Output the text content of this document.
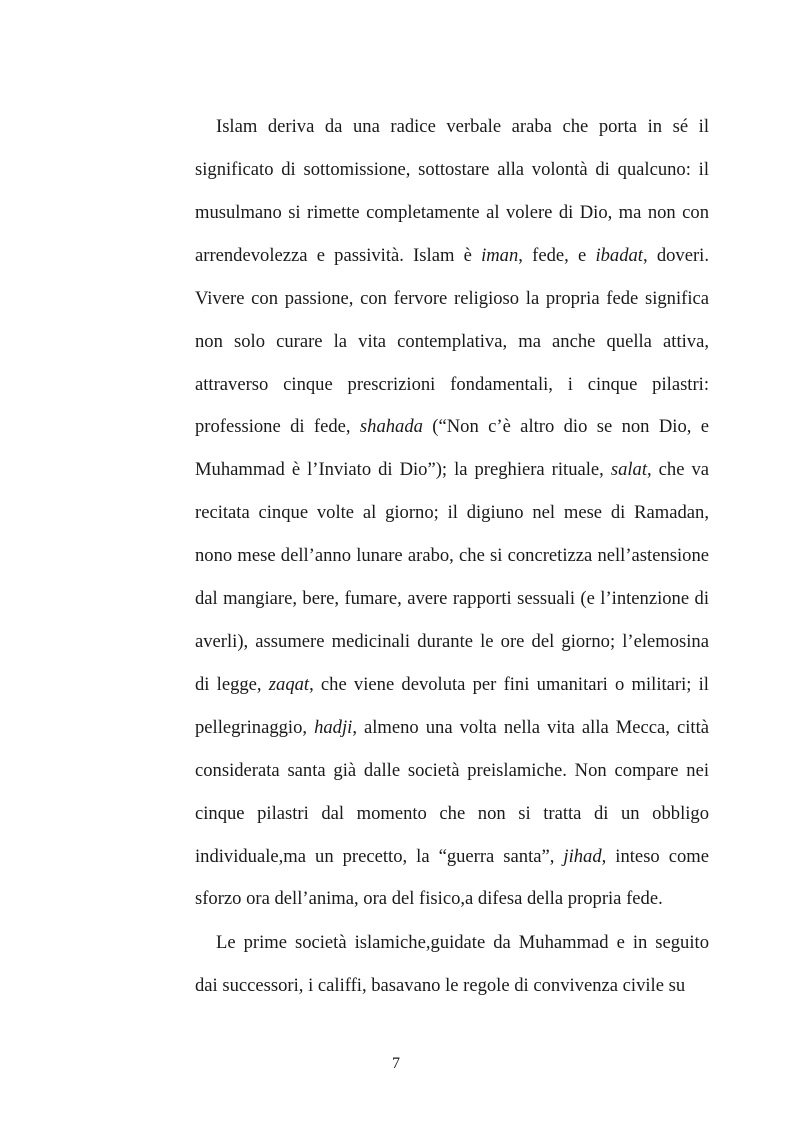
Islam deriva da una radice verbale araba che porta in sé il
significato di sottomissione, sottostare alla volontà di qualcuno: il
musulmano si rimette completamente al volere di Dio, ma non con
arrendevolezza e passività. Islam è iman, fede, e ibadat, doveri.
Vivere con passione, con fervore religioso la propria fede significa
non solo curare la vita contemplativa, ma anche quella attiva,
attraverso cinque prescrizioni fondamentali, i cinque pilastri:
professione di fede, shahada (“Non c’è altro dio se non Dio, e
Muhammad è l’Inviato di Dio”); la preghiera rituale, salat, che va
recitata cinque volte al giorno; il digiuno nel mese di Ramadan,
nono mese dell’anno lunare arabo, che si concretizza nell’astensione
dal mangiare, bere, fumare, avere rapporti sessuali (e l’intenzione di
averli), assumere medicinali durante le ore del giorno; l’elemosina
di legge, zaqat, che viene devoluta per fini umanitari o militari; il
pellegrinaggio, hadji, almeno una volta nella vita alla Mecca, città
considerata santa già dalle società preislamiche. Non compare nei
cinque pilastri dal momento che non si tratta di un obbligo
individuale,ma un precetto, la “guerra santa”, jihad, inteso come
sforzo ora dell’anima, ora del fisico,a difesa della propria fede.
Le prime società islamiche,guidate da Muhammad e in seguito
dai successori, i califfi, basavano le regole di convivenza civile su
7
